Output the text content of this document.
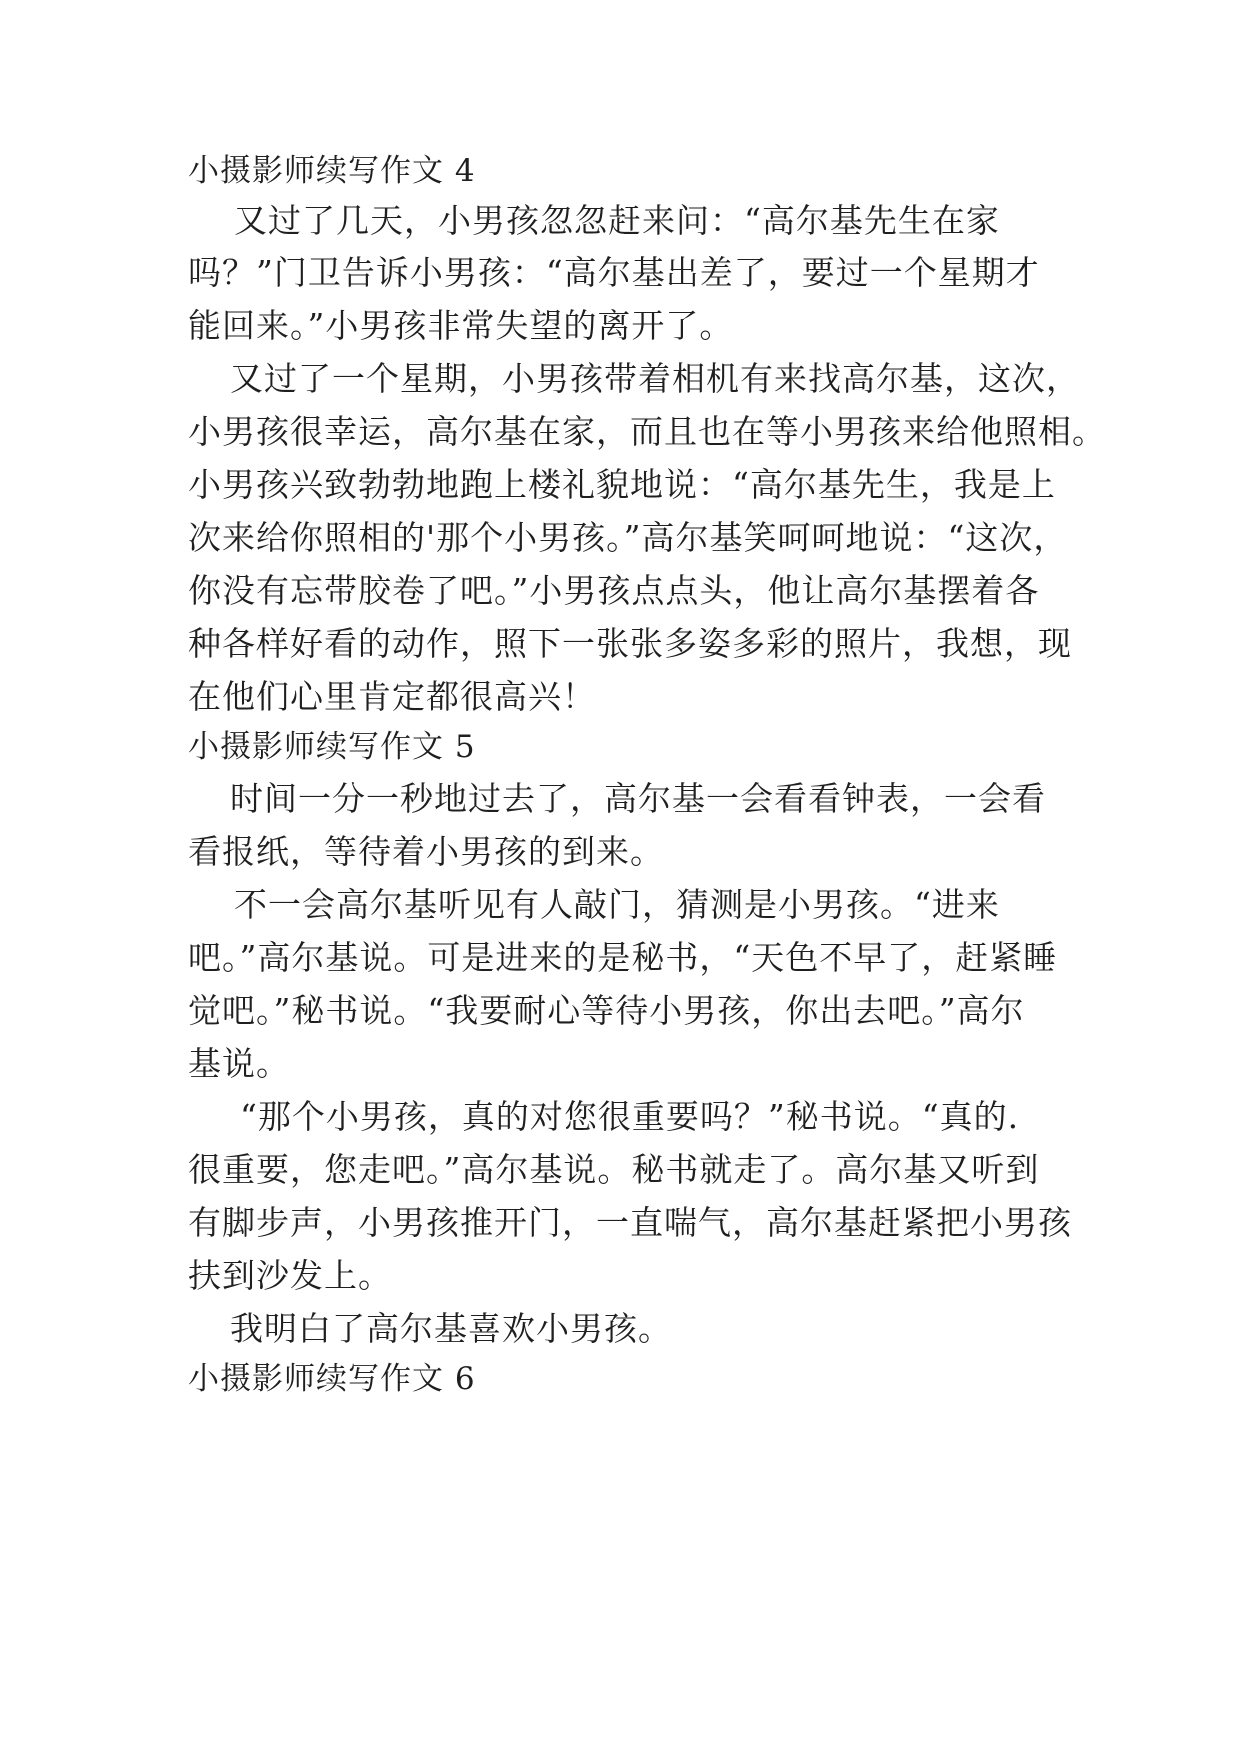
小摄影师续写作文 4
又过了几天，小男孩忽忽赶来问：“高尔基先生在家
吗？”门卫告诉小男孩：“高尔基出差了，要过一个星期才
能回来。”小男孩非常失望的离开了。
又过了一个星期，小男孩带着相机有来找高尔基，这次，
小男孩很幸运，高尔基在家，而且也在等小男孩来给他照相。
小男孩兴致勃勃地跑上楼礼貌地说：“高尔基先生，我是上
次来给你照相的'那个小男孩。”高尔基笑呵呵地说：“这次，
你没有忘带胶卷了吧。”小男孩点点头，他让高尔基摆着各
种各样好看的动作，照下一张张多姿多彩的照片，我想，现
在他们心里肯定都很高兴！
小摄影师续写作文 5
时间一分一秒地过去了，高尔基一会看看钟表，一会看
看报纸，等待着小男孩的到来。
不一会高尔基听见有人敲门，猜测是小男孩。“进来
吧。”高尔基说。可是进来的是秘书，“天色不早了，赶紧睡
觉吧。”秘书说。“我要耐心等待小男孩，你出去吧。”高尔
基说。
“那个小男孩，真的对您很重要吗？”秘书说。“真的.
很重要，您走吧。”高尔基说。秘书就走了。高尔基又听到
有脚步声，小男孩推开门，一直喘气，高尔基赶紧把小男孩
扶到沙发上。
我明白了高尔基喜欢小男孩。
小摄影师续写作文 6
